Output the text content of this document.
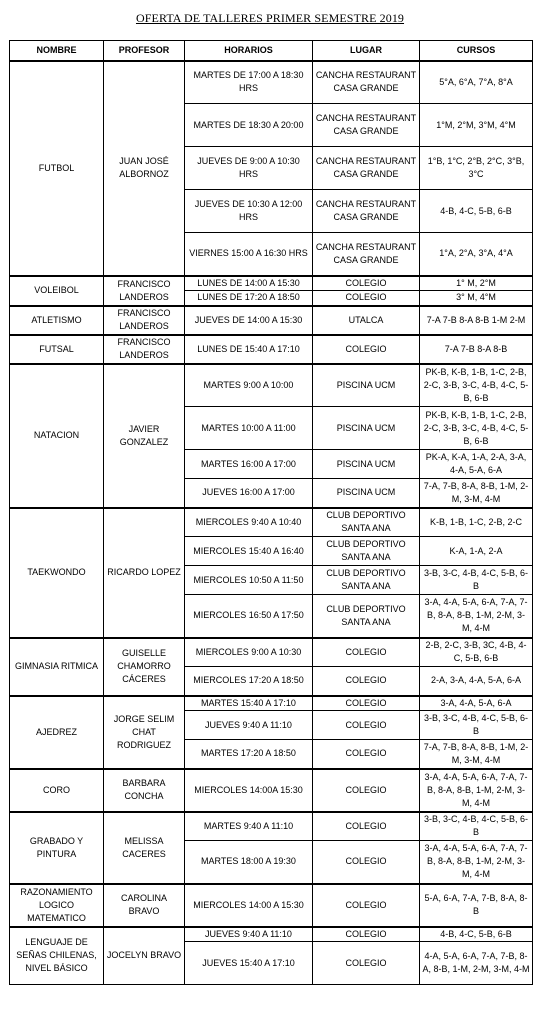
OFERTA DE TALLERES PRIMER SEMESTRE 2019
NOMBRE	PROFESOR	HORARIOS	LUGAR	CURSOS
FUTBOL	JUAN JOSÉ ALBORNOZ	MARTES DE 17:00 A 18:30 HRS	CANCHA RESTAURANT CASA GRANDE	5°A, 6°A, 7°A, 8°A
		MARTES DE 18:30 A 20:00	CANCHA RESTAURANT CASA GRANDE	1°M, 2°M, 3°M, 4°M
		JUEVES DE 9:00 A 10:30 HRS	CANCHA RESTAURANT CASA GRANDE	1°B, 1°C, 2°B, 2°C, 3°B, 3°C
		JUEVES DE 10:30 A 12:00 HRS	CANCHA RESTAURANT CASA GRANDE	4-B, 4-C, 5-B, 6-B
		VIERNES 15:00 A 16:30 HRS	CANCHA RESTAURANT CASA GRANDE	1°A, 2°A, 3°A, 4°A
VOLEIBOL	FRANCISCO LANDEROS	LUNES DE 14:00 A 15:30	COLEGIO	1° M, 2°M
		LUNES DE 17:20 A 18:50	COLEGIO	3° M, 4°M
ATLETISMO	FRANCISCO LANDEROS	JUEVES DE 14:00 A 15:30	UTALCA	7-A 7-B 8-A 8-B 1-M 2-M
FUTSAL	FRANCISCO LANDEROS	LUNES DE 15:40 A 17:10	COLEGIO	7-A 7-B 8-A 8-B
NATACION	JAVIER GONZALEZ	MARTES 9:00 A 10:00	PISCINA UCM	PK-B, K-B, 1-B, 1-C, 2-B, 2-C, 3-B, 3-C, 4-B, 4-C, 5-B, 6-B
		MARTES 10:00 A 11:00	PISCINA UCM	PK-B, K-B, 1-B, 1-C, 2-B, 2-C, 3-B, 3-C, 4-B, 4-C, 5-B, 6-B
		MARTES 16:00 A 17:00	PISCINA UCM	PK-A, K-A, 1-A, 2-A, 3-A, 4-A, 5-A, 6-A
		JUEVES 16:00 A 17:00	PISCINA UCM	7-A, 7-B, 8-A, 8-B, 1-M, 2-M, 3-M, 4-M
TAEKWONDO	RICARDO LOPEZ	MIERCOLES 9:40 A 10:40	CLUB DEPORTIVO SANTA ANA	K-B, 1-B, 1-C, 2-B, 2-C
		MIERCOLES 15:40 A 16:40	CLUB DEPORTIVO SANTA ANA	K-A, 1-A, 2-A
		MIERCOLES 10:50 A 11:50	CLUB DEPORTIVO SANTA ANA	3-B, 3-C, 4-B, 4-C, 5-B, 6-B
		MIERCOLES 16:50 A 17:50	CLUB DEPORTIVO SANTA ANA	3-A, 4-A, 5-A, 6-A, 7-A, 7-B, 8-A, 8-B, 1-M, 2-M, 3-M, 4-M
GIMNASIA RITMICA	GUISELLE CHAMORRO CÁCERES	MIERCOLES 9:00 A 10:30	COLEGIO	2-B, 2-C, 3-B, 3C, 4-B, 4-C, 5-B, 6-B
		MIERCOLES 17:20 A 18:50	COLEGIO	2-A, 3-A, 4-A, 5-A, 6-A
AJEDREZ	JORGE SELIM CHAT RODRIGUEZ	MARTES 15:40 A 17:10	COLEGIO	3-A, 4-A, 5-A, 6-A
		JUEVES 9:40 A 11:10	COLEGIO	3-B, 3-C, 4-B, 4-C, 5-B, 6-B
		MARTES 17:20 A 18:50	COLEGIO	7-A, 7-B, 8-A, 8-B, 1-M, 2-M, 3-M, 4-M
CORO	BARBARA CONCHA	MIERCOLES 14:00A 15:30	COLEGIO	3-A, 4-A, 5-A, 6-A, 7-A, 7-B, 8-A, 8-B, 1-M, 2-M, 3-M, 4-M
GRABADO Y PINTURA	MELISSA CACERES	MARTES 9:40 A 11:10	COLEGIO	3-B, 3-C, 4-B, 4-C, 5-B, 6-B
		MARTES 18:00 A 19:30	COLEGIO	3-A, 4-A, 5-A, 6-A, 7-A, 7-B, 8-A, 8-B, 1-M, 2-M, 3-M, 4-M
RAZONAMIENTO LOGICO MATEMATICO	CAROLINA BRAVO	MIERCOLES 14:00 A 15:30	COLEGIO	5-A, 6-A, 7-A, 7-B, 8-A, 8-B
LENGUAJE DE SEÑAS CHILENAS, NIVEL BÁSICO	JOCELYN BRAVO	JUEVES 9:40 A 11:10	COLEGIO	4-B, 4-C, 5-B, 6-B
		JUEVES 15:40 A 17:10	COLEGIO	4-A, 5-A, 6-A, 7-A, 7-B, 8-A, 8-B, 1-M, 2-M, 3-M, 4-M
